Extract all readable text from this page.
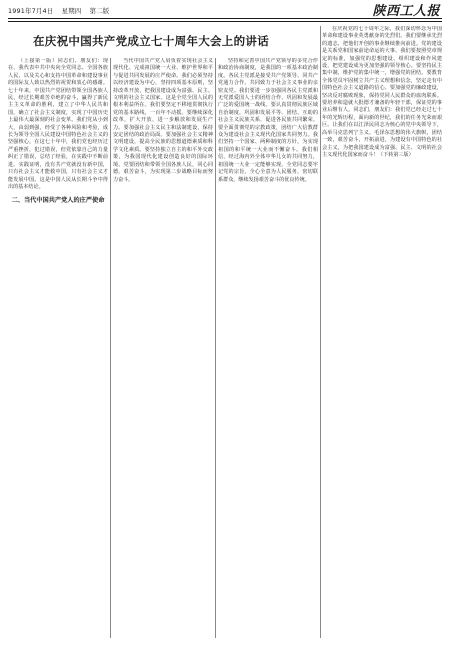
1991年7月4日 星期四 第二版	陕西工人报
在庆祝中国共产党成立七十周年大会上的讲话

（上接第一版）同志们、朋友们：现在，我代表中共中央向全党同志、全国各族人民，以及关心和支持中国革命和建设事业的国际友人致以热烈的祝贺和衷心的感谢。七十年来，中国共产党团结带领全国各族人民，经过长期艰苦卓绝的奋斗，赢得了新民主主义革命的胜利，建立了中华人民共和国，确立了社会主义制度，实现了中国历史上最伟大最深刻的社会变革。我们党从小到大，由弱到强，经受了各种风险和考验，成长为领导全国人民建设中国特色社会主义的坚强核心。在这七十年中，我们党也经历过严重挫折，犯过错误，但党依靠自己的力量纠正了错误，总结了经验，在实践中不断前进。实践证明，没有共产党就没有新中国，只有社会主义才能救中国，只有社会主义才能发展中国。这是中国人民从长期斗争中得出的基本结论。

二、当代中国共产党人的庄严使命

当代中国共产党人肩负着实现社会主义现代化、完成祖国统一大业、维护世界和平与促进共同发展的庄严使命。我们必须坚持以经济建设为中心，坚持四项基本原则，坚持改革开放，把我国建设成为富强、民主、文明的社会主义国家。这是全党全国人民的根本利益所在。我们要坚定不移地贯彻执行党的基本路线，一百年不动摇。要继续深化改革，扩大开放，进一步解放和发展生产力。要加强社会主义民主和法制建设，保持安定团结的政治局面。要加强社会主义精神文明建设，提高全民族的思想道德素质和科学文化素质。要坚持独立自主的和平外交政策，为我国现代化建设创造良好的国际环境。党要团结和带领全国各族人民，同心同德，艰苦奋斗，为实现第二步战略目标而努力奋斗。

坚持和完善中国共产党领导的多党合作和政治协商制度，是我国的一项基本政治制度。各民主党派是接受共产党领导、同共产党通力合作、共同致力于社会主义事业的亲密友党。我们要进一步加强同各民主党派和无党派爱国人士的团结合作，巩固和发展最广泛的爱国统一战线。要认真贯彻民族区域自治制度，巩固和发展平等、团结、互助的社会主义民族关系，促进各民族共同繁荣。要全面贯彻党的宗教政策，团结广大信教群众为建设社会主义现代化国家共同努力。我们坚持一个国家、两种制度的方针，为实现祖国的和平统一大业而不懈奋斗。我们相信，经过海内外全体中华儿女的共同努力，祖国统一大业一定能够实现。全党同志要牢记党的宗旨，全心全意为人民服务，密切联系群众，继续发扬艰苦奋斗的优良传统。

在庆祝党的七十周年之际，我们深切怀念为中国革命和建设事业英勇献身的先烈们。我们要继承先烈的遗志，把他们开创的事业继续推向前进。党的建设是关系党和国家前途命运的大事。我们要按照党章规定的标准，加强党的思想建设、组织建设和作风建设，把党建设成为更加坚强的领导核心。要坚持民主集中制，维护党的集中统一，增强党的团结。要教育全体党员牢固树立共产主义理想和信念，坚定走有中国特色社会主义道路的信心。要加强党的廉政建设，坚决反对腐败现象，保持党同人民群众的血肉联系。要培养和造就大批德才兼备的年轻干部，保证党的事业后继有人。同志们，朋友们：我们党已经走过七十年的光辉历程，面向新的世纪，我们的任务光荣而艰巨。让我们在以江泽民同志为核心的党中央领导下，高举马克思列宁主义、毛泽东思想的伟大旗帜，团结一致，艰苦奋斗，开拓前进，为建设有中国特色的社会主义，为把我国建设成为富强、民主、文明的社会主义现代化国家而奋斗！（下转第三版）
